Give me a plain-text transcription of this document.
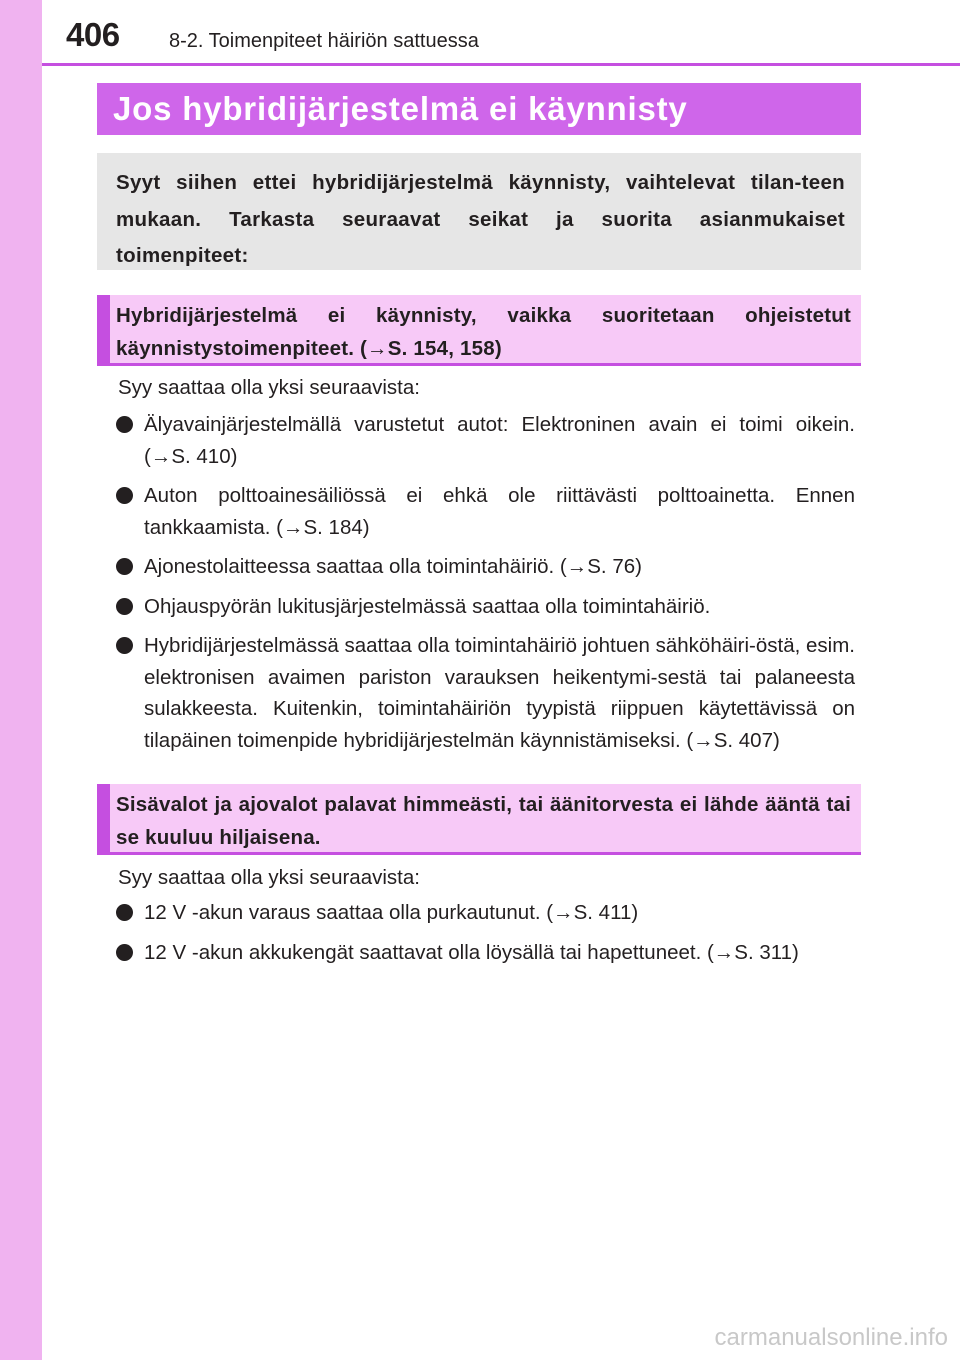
406 8-2. Toimenpiteet häiriön sattuessa
Jos hybridijärjestelmä ei käynnisty
Syyt siihen ettei hybridijärjestelmä käynnisty, vaihtelevat tilan-teen mukaan. Tarkasta seuraavat seikat ja suorita asianmukaiset toimenpiteet:

Hybridijärjestelmä ei käynnisty, vaikka suoritetaan ohjeistetut käynnistystoimenpiteet. (→S. 154, 158)

Syy saattaa olla yksi seuraavista:
Älyavainjärjestelmällä varustetut autot: Elektroninen avain ei toimi oikein. (→S. 410)
Auton polttoainesäiliössä ei ehkä ole riittävästi polttoainetta. Ennen tankkaamista. (→S. 184)
Ajonestolaitteessa saattaa olla toimintahäiriö. (→S. 76)
Ohjauspyörän lukitusjärjestelmässä saattaa olla toimintahäiriö.
Hybridijärjestelmässä saattaa olla toimintahäiriö johtuen sähköhäiri-östä, esim. elektronisen avaimen pariston varauksen heikentymi-sestä tai palaneesta sulakkeesta. Kuitenkin, toimintahäiriön tyypistä riippuen käytettävissä on tilapäinen toimenpide hybridijärjestelmän käynnistämiseksi. (→S. 407)

Sisävalot ja ajovalot palavat himmeästi, tai äänitorvesta ei lähde ääntä tai se kuuluu hiljaisena.

Syy saattaa olla yksi seuraavista:
12 V -akun varaus saattaa olla purkautunut. (→S. 411)
12 V -akun akkukengät saattavat olla löysällä tai hapettuneet. (→S. 311)
carmanualsonline.info
